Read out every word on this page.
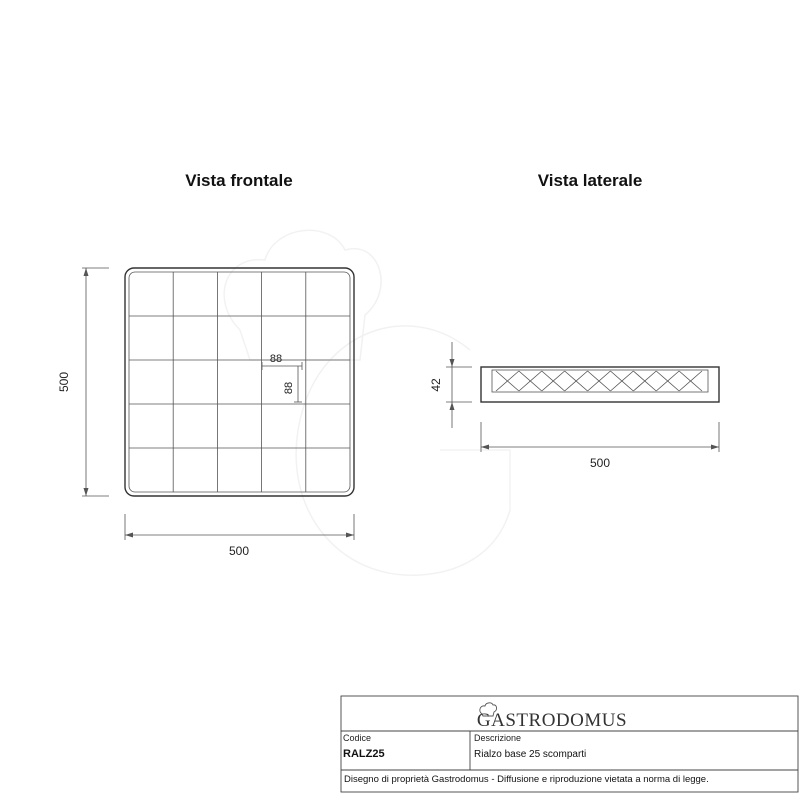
Vista frontale	Vista laterale
88
88
500
500
42
500
GASTRODOMUS
Codice
RALZ25
Descrizione
Rialzo base 25 scomparti
Disegno di proprietà Gastrodomus - Diffusione e riproduzione vietata a norma di legge.
